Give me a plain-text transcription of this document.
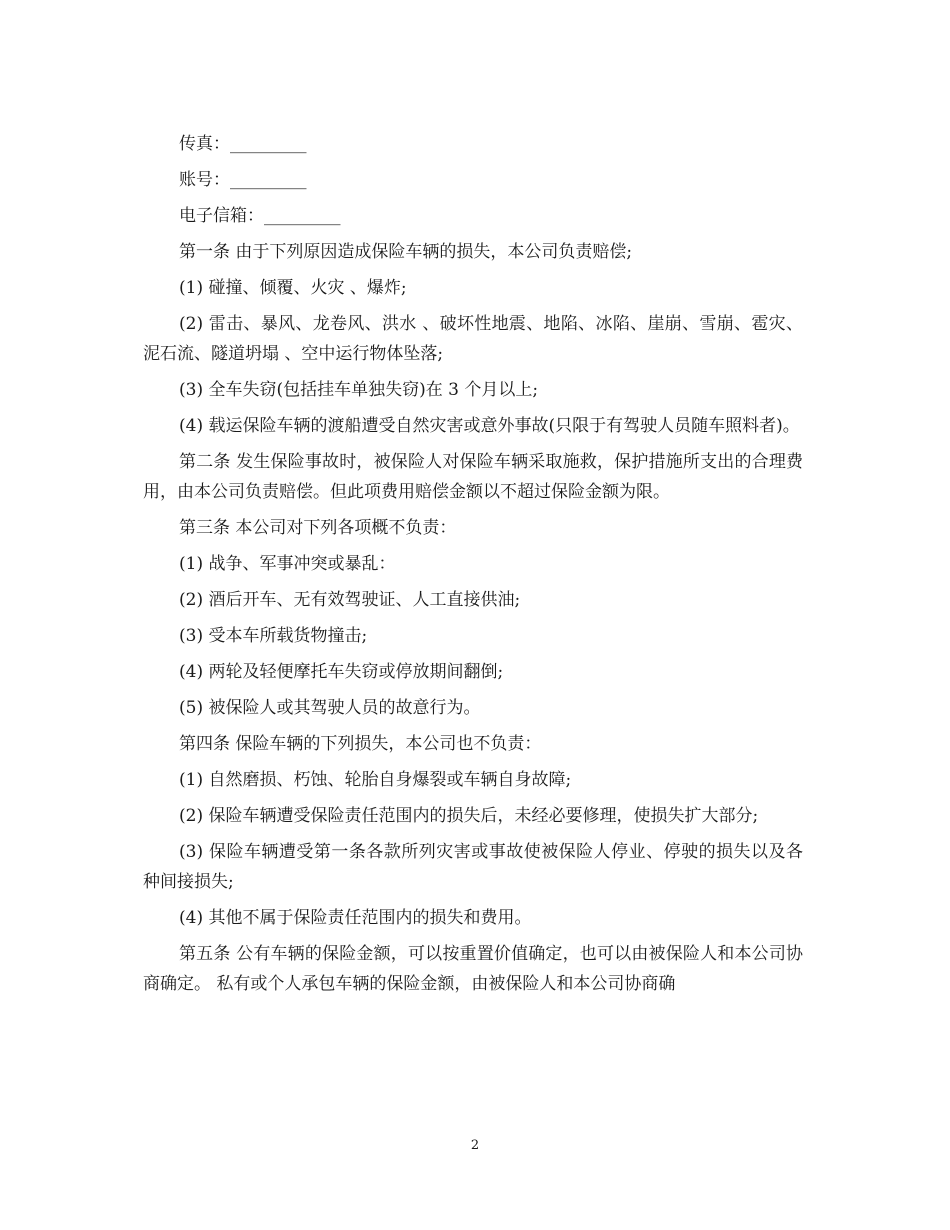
传真：_________

账号：_________

电子信箱：_________

第一条 由于下列原因造成保险车辆的损失，本公司负责赔偿;

(1) 碰撞、倾覆、火灾 、爆炸;

(2) 雷击、暴风、龙卷风、洪水 、破坏性地震、地陷、冰陷、崖崩、雪崩、雹灾、泥石流、隧道坍塌 、空中运行物体坠落;

(3) 全车失窃(包括挂车单独失窃)在 3 个月以上;

(4) 载运保险车辆的渡船遭受自然灾害或意外事故(只限于有驾驶人员随车照料者)。

第二条 发生保险事故时，被保险人对保险车辆采取施救，保护措施所支出的合理费用，由本公司负责赔偿。但此项费用赔偿金额以不超过保险金额为限。

第三条 本公司对下列各项概不负责：

(1) 战争、军事冲突或暴乱：

(2) 酒后开车、无有效驾驶证、人工直接供油;

(3) 受本车所载货物撞击;

(4) 两轮及轻便摩托车失窃或停放期间翻倒;

(5) 被保险人或其驾驶人员的故意行为。

第四条 保险车辆的下列损失，本公司也不负责：

(1) 自然磨损、朽蚀、轮胎自身爆裂或车辆自身故障;

(2) 保险车辆遭受保险责任范围内的损失后，未经必要修理，使损失扩大部分;

(3) 保险车辆遭受第一条各款所列灾害或事故使被保险人停业、停驶的损失以及各种间接损失;

(4) 其他不属于保险责任范围内的损失和费用。

第五条 公有车辆的保险金额，可以按重置价值确定，也可以由被保险人和本公司协商确定。 私有或个人承包车辆的保险金额，由被保险人和本公司协商确

2
